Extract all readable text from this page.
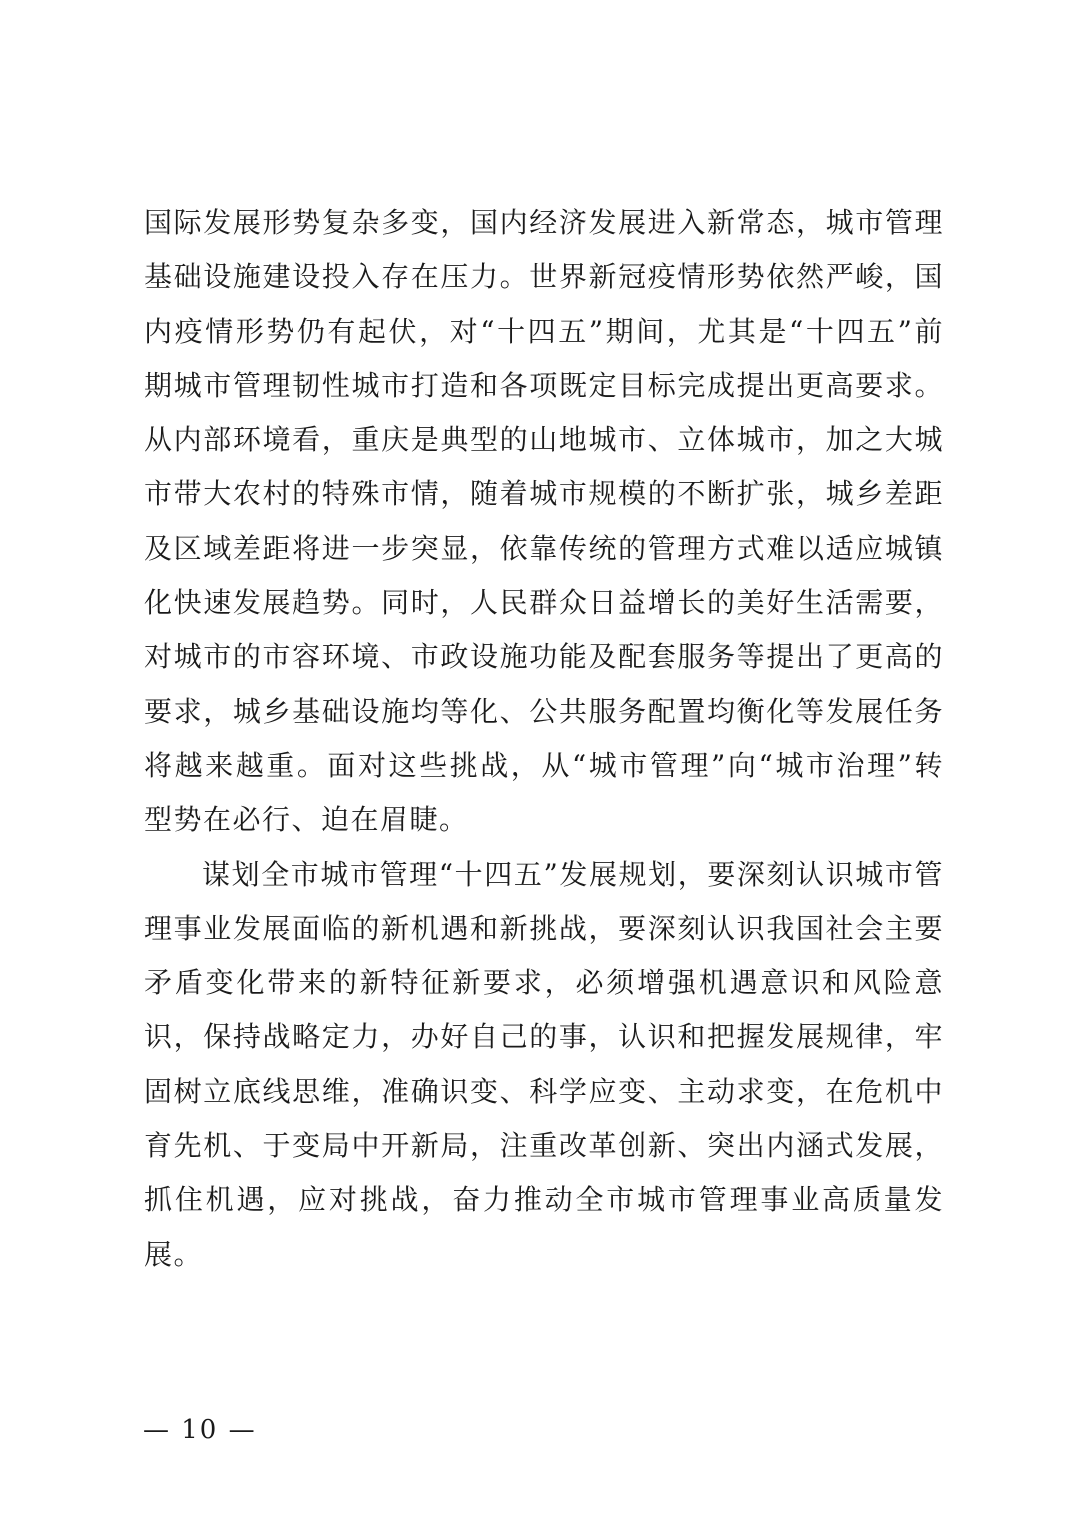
国际发展形势复杂多变，国内经济发展进入新常态，城市管理基础设施建设投入存在压力。世界新冠疫情形势依然严峻，国内疫情形势仍有起伏，对“十四五”期间，尤其是“十四五”前期城市管理韧性城市打造和各项既定目标完成提出更高要求。从内部环境看，重庆是典型的山地城市、立体城市，加之大城市带大农村的特殊市情，随着城市规模的不断扩张，城乡差距及区域差距将进一步突显，依靠传统的管理方式难以适应城镇化快速发展趋势。同时，人民群众日益增长的美好生活需要，对城市的市容环境、市政设施功能及配套服务等提出了更高的要求，城乡基础设施均等化、公共服务配置均衡化等发展任务将越来越重。面对这些挑战，从“城市管理”向“城市治理”转型势在必行、迫在眉睫。

谋划全市城市管理“十四五”发展规划，要深刻认识城市管理事业发展面临的新机遇和新挑战，要深刻认识我国社会主要矛盾变化带来的新特征新要求，必须增强机遇意识和风险意识，保持战略定力，办好自己的事，认识和把握发展规律，牢固树立底线思维，准确识变、科学应变、主动求变，在危机中育先机、于变局中开新局，注重改革创新、突出内涵式发展，抓住机遇，应对挑战，奋力推动全市城市管理事业高质量发展。

— 10 —
